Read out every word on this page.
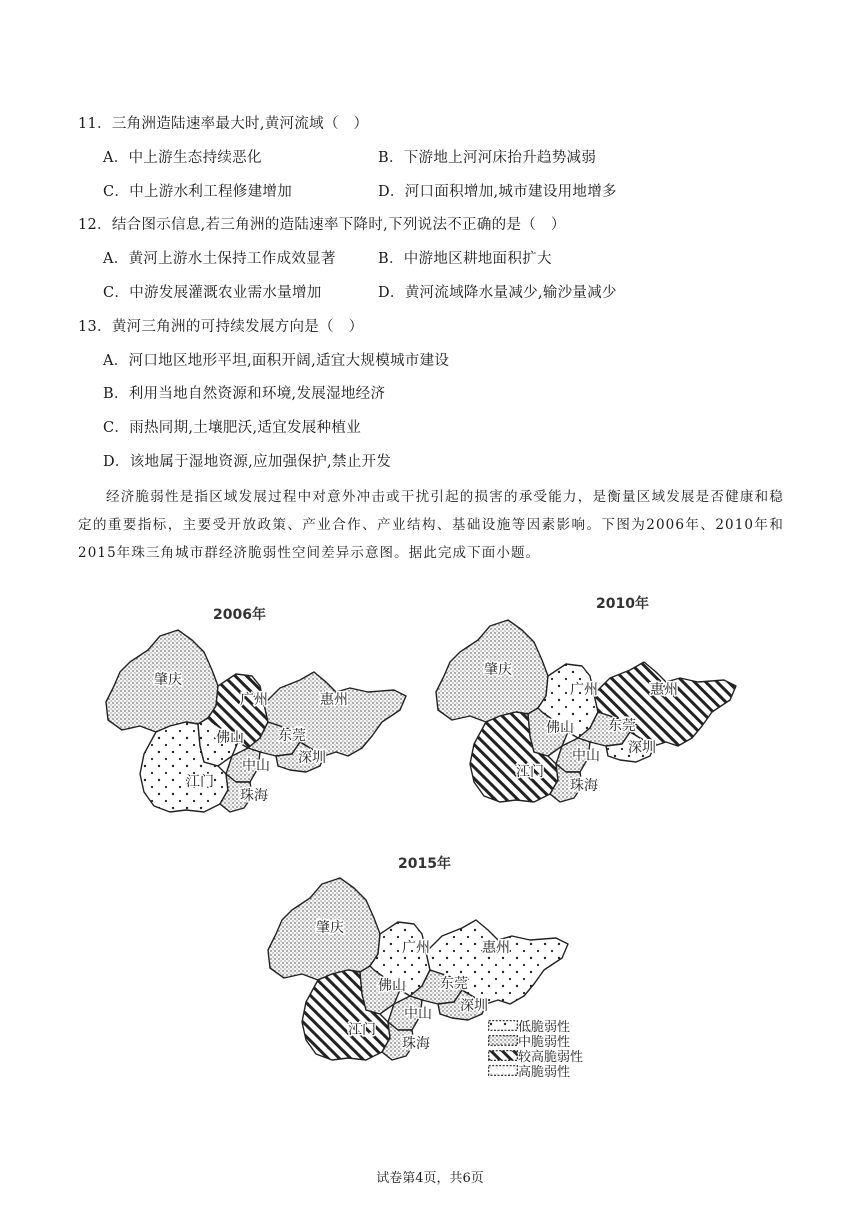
11．三角洲造陆速率最大时,黄河流域（　）
A．中上游生态持续恶化	B．下游地上河河床抬升趋势减弱
C．中上游水利工程修建增加	D．河口面积增加,城市建设用地增多
12．结合图示信息,若三角洲的造陆速率下降时,下列说法不正确的是（　）
A．黄河上游水土保持工作成效显著	B．中游地区耕地面积扩大
C．中游发展灌溉农业需水量增加	D．黄河流域降水量减少,输沙量减少
13．黄河三角洲的可持续发展方向是（　）
A．河口地区地形平坦,面积开阔,适宜大规模城市建设
B．利用当地自然资源和环境,发展湿地经济
C．雨热同期,土壤肥沃,适宜发展种植业
D．该地属于湿地资源,应加强保护,禁止开发
经济脆弱性是指区域发展过程中对意外冲击或干扰引起的损害的承受能力，是衡量区域发展是否健康和稳定的重要指标，主要受开放政策、产业合作、产业结构、基础设施等因素影响。下图为2006年、2010年和2015年珠三角城市群经济脆弱性空间差异示意图。据此完成下面小题。
2006年
2010年
2015年
肇庆
江门
佛山
广州	惠州
东莞
中山 深圳
珠海
肇庆
江门
佛山
广州	惠州
东莞
中山 深圳
珠海
肇庆
江门
佛山
广州	惠州
东莞
中山 深圳
珠海
低脆弱性
中脆弱性
较高脆弱性
高脆弱性
试卷第4页，共6页
